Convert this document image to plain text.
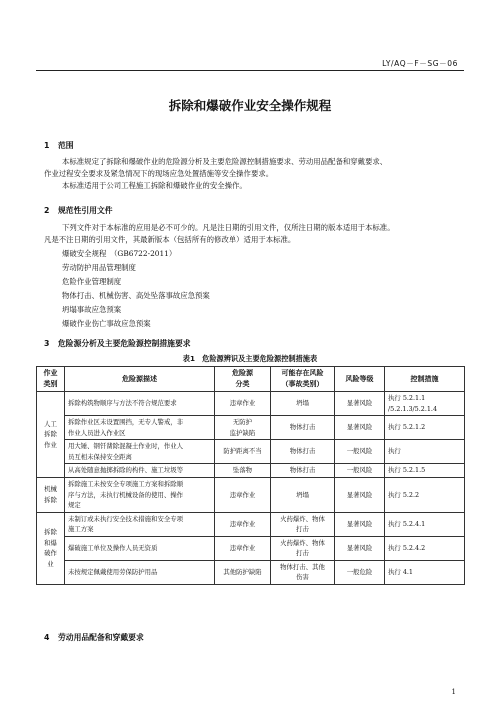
LY/AQ－F－SG－06
拆除和爆破作业安全操作规程
1 范围
本标准规定了拆除和爆破作业的危险源分析及主要危险源控制措施要求、劳动用品配备和穿戴要求、
作业过程安全要求及紧急情况下的现场应急处置措施等安全操作要求。
本标准适用于公司工程施工拆除和爆破作业的安全操作。
2 规范性引用文件
下列文件对于本标准的应用是必不可少的。凡是注日期的引用文件，仅所注日期的版本适用于本标准。
凡是不注日期的引用文件，其最新版本（包括所有的修改单）适用于本标准。
爆破安全规程　（GB6722-2011）
劳动防护用品管理制度
危险作业管理制度
物体打击、机械伤害、高处坠落事故应急预案
坍塌事故应急预案
爆破作业伤亡事故应急预案
3 危险源分析及主要危险源控制措施要求
表1　危险源辨识及主要危险源控制措施表
作业
类别	危险源描述	危险源
分类	可能存在风险
（事故类别）	风险等级	控制措施
人工
拆除
作业	拆除构筑物顺序与方法不符合规范要求	违章作业	坍塌	显著风险	执行 5.2.1.1
/5.2.1.3/5.2.1.4
	拆除作业区未设置围挡，无专人警戒，非
作业人员进入作业区	无防护
监护缺陷	物体打击	显著风险	执行 5.2.1.2
	用大锤、钢钎凿除混凝土作业时，作业人
员互相未保持安全距离	防护距离不当	物体打击	一般风险	执行
	从高处随意抛掷拆除的构件、施工垃圾等	坠落物	物体打击	一般风险	执行 5.2.1.5
机械
拆除	拆除施工未按安全专项施工方案和拆除顺
序与方法，未执行机械设备的使用、操作
规定	违章作业	坍塌	显著风险	执行 5.2.2
拆除
和爆
破作
业	未制订或未执行安全技术措施和安全专项
施工方案	违章作业	火药爆炸、物体
打击	显著风险	执行 5.2.4.1
	爆破施工单位及操作人员无资质	违章作业	火药爆炸、物体
打击	显著风险	执行 5.2.4.2
	未按规定佩戴使用劳保防护用品	其他防护缺陷	物体打击、其他
伤害	一般危险	执行 4.1
4 劳动用品配备和穿戴要求
1
